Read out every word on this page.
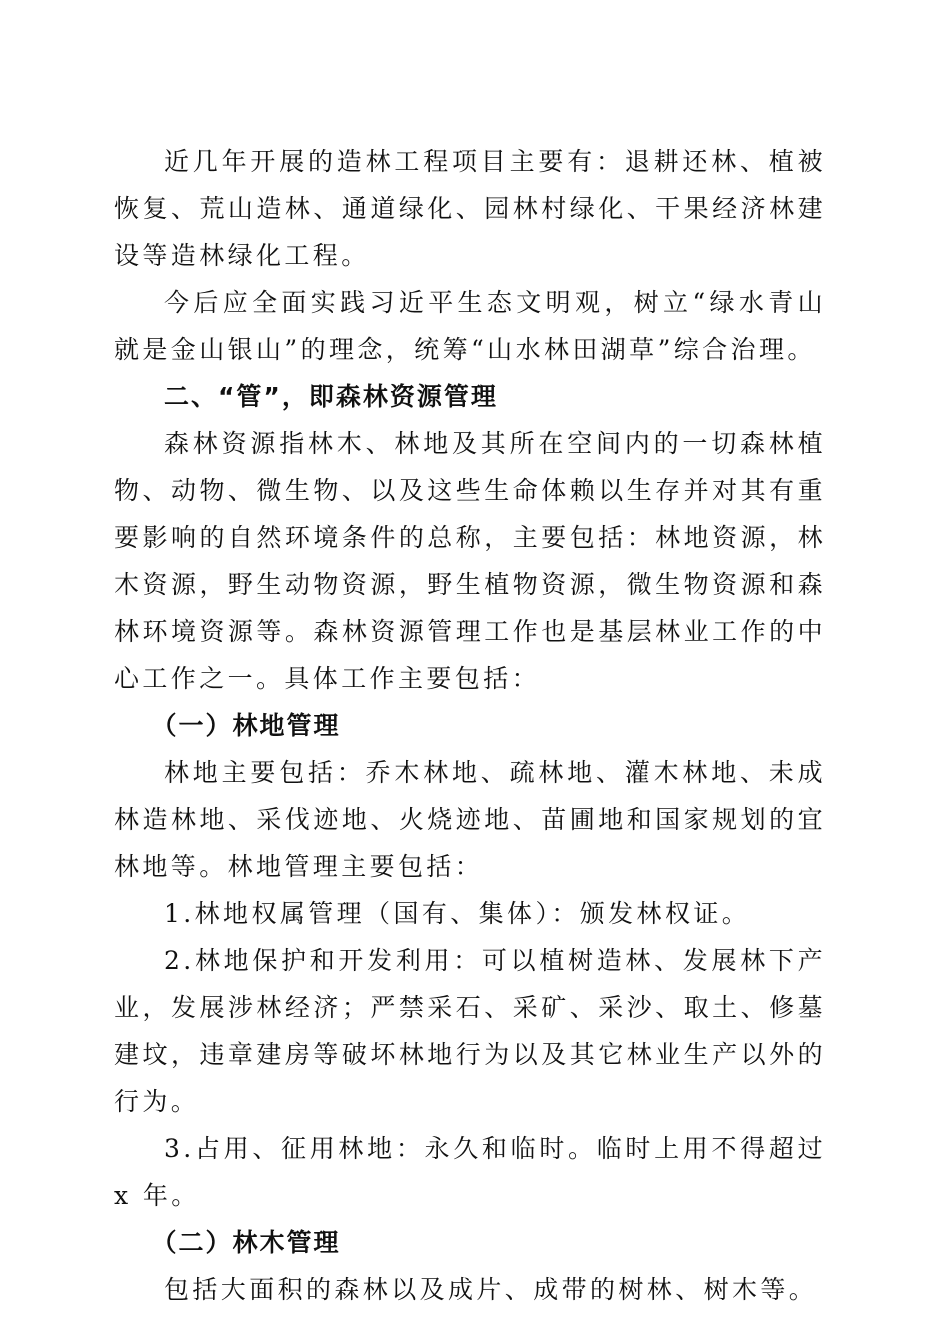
近几年开展的造林工程项目主要有：退耕还林、植被恢复、荒山造林、通道绿化、园林村绿化、干果经济林建设等造林绿化工程。

今后应全面实践习近平生态文明观，树立“绿水青山就是金山银山”的理念，统筹“山水林田湖草”综合治理。

二、“管”，即森林资源管理

森林资源指林木、林地及其所在空间内的一切森林植物、动物、微生物、以及这些生命体赖以生存并对其有重要影响的自然环境条件的总称，主要包括：林地资源，林木资源，野生动物资源，野生植物资源，微生物资源和森林环境资源等。森林资源管理工作也是基层林业工作的中心工作之一。具体工作主要包括：

（一）林地管理

林地主要包括：乔木林地、疏林地、灌木林地、未成林造林地、采伐迹地、火烧迹地、苗圃地和国家规划的宜林地等。林地管理主要包括：

1.林地权属管理（国有、集体）：颁发林权证。

2.林地保护和开发利用：可以植树造林、发展林下产业，发展涉林经济；严禁采石、采矿、采沙、取土、修墓建坟，违章建房等破坏林地行为以及其它林业生产以外的行为。

3.占用、征用林地：永久和临时。临时上用不得超过 x 年。

（二）林木管理

包括大面积的森林以及成片、成带的树林、树木等。
